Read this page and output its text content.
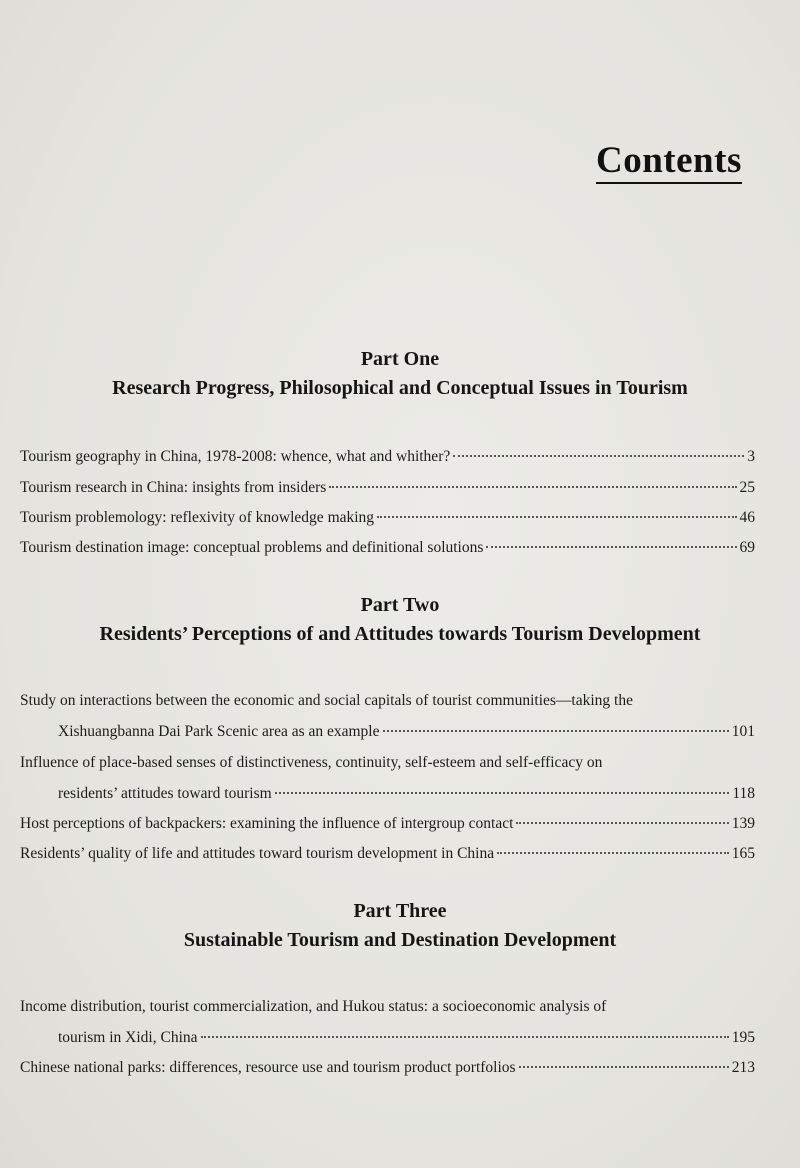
Contents
Part One
Research Progress, Philosophical and Conceptual Issues in Tourism
Tourism geography in China, 1978-2008: whence, what and whither?	3
Tourism research in China: insights from insiders	25
Tourism problemology: reflexivity of knowledge making	46
Tourism destination image: conceptual problems and definitional solutions	69
Part Two
Residents’ Perceptions of and Attitudes towards Tourism Development
Study on interactions between the economic and social capitals of tourist communities—taking the
Xishuangbanna Dai Park Scenic area as an example	101
Influence of place-based senses of distinctiveness, continuity, self-esteem and self-efficacy on
residents’ attitudes toward tourism	118
Host perceptions of backpackers: examining the influence of intergroup contact	139
Residents’ quality of life and attitudes toward tourism development in China	165
Part Three
Sustainable Tourism and Destination Development
Income distribution, tourist commercialization, and Hukou status: a socioeconomic analysis of
tourism in Xidi, China	195
Chinese national parks: differences, resource use and tourism product portfolios	213
